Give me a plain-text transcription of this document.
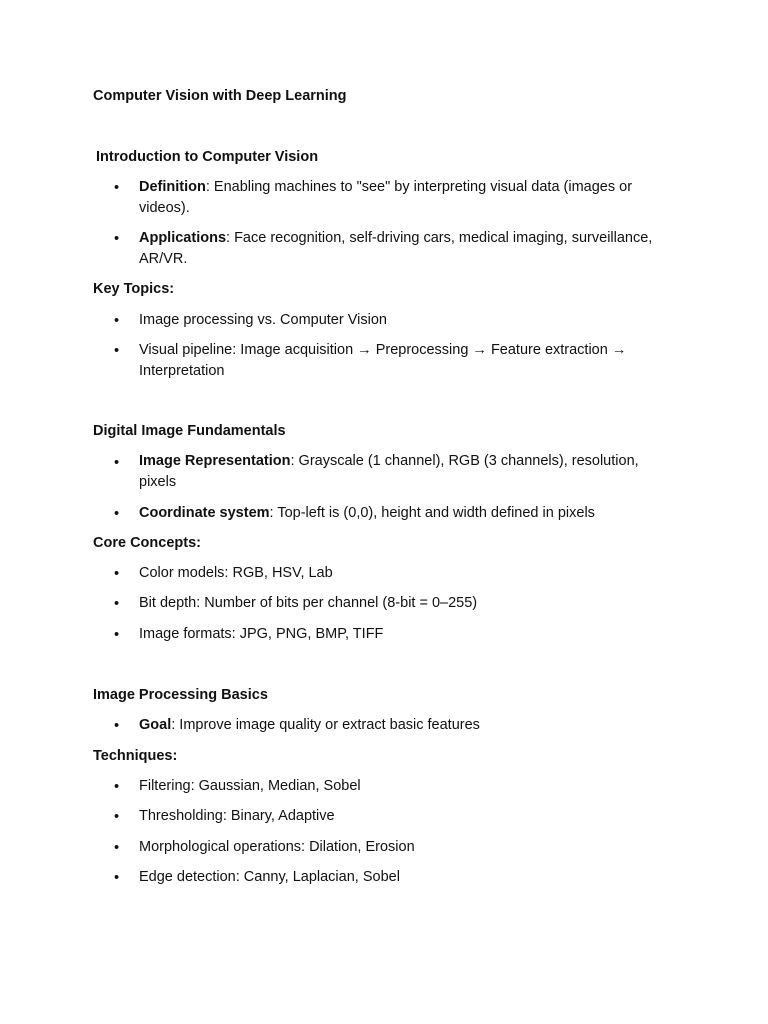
Computer Vision with Deep Learning
Introduction to Computer Vision
• Definition: Enabling machines to "see" by interpreting visual data (images or videos).
• Applications: Face recognition, self-driving cars, medical imaging, surveillance, AR/VR.
Key Topics:
• Image processing vs. Computer Vision
• Visual pipeline: Image acquisition → Preprocessing → Feature extraction → Interpretation
Digital Image Fundamentals
• Image Representation: Grayscale (1 channel), RGB (3 channels), resolution, pixels
• Coordinate system: Top-left is (0,0), height and width defined in pixels
Core Concepts:
• Color models: RGB, HSV, Lab
• Bit depth: Number of bits per channel (8-bit = 0–255)
• Image formats: JPG, PNG, BMP, TIFF
Image Processing Basics
• Goal: Improve image quality or extract basic features
Techniques:
• Filtering: Gaussian, Median, Sobel
• Thresholding: Binary, Adaptive
• Morphological operations: Dilation, Erosion
• Edge detection: Canny, Laplacian, Sobel
